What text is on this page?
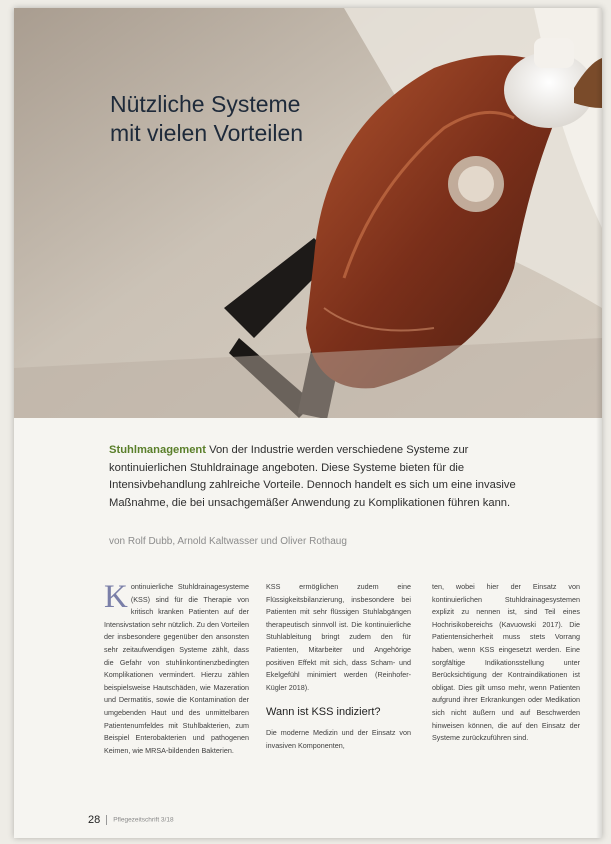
Nützliche Systeme
mit vielen Vorteilen
Stuhlmanagement Von der Industrie werden verschiedene Systeme zur kontinuierlichen Stuhldrainage angeboten. Diese Systeme bieten für die Intensivbehandlung zahlreiche Vorteile. Dennoch handelt es sich um eine invasive Maßnahme, die bei unsachgemäßer Anwendung zu Komplikationen führen kann.
von Rolf Dubb, Arnold Kaltwasser und Oliver Rothaug
Kontinuierliche Stuhldrainagesysteme (KSS) sind für die Therapie von kritisch kranken Patienten auf der Intensivstation sehr nützlich. Zu den Vorteilen der insbesondere gegenüber den ansonsten sehr zeitaufwendigen Systeme zählt, dass die Gefahr von stuhlinkontinenzbedingten Komplikationen vermindert. Hierzu zählen beispielsweise Hautschäden, wie Mazeration und Dermatitis, sowie die Kontamination der umgebenden Haut und des unmittelbaren Patientenumfeldes mit Stuhlbakterien, zum Beispiel Enterobakterien und pathogenen Keimen, wie MRSA-bildenden Bakterien.
KSS ermöglichen zudem eine Flüssigkeitsbilanzierung, insbesondere bei Patienten mit sehr flüssigen Stuhlabgängen therapeutisch sinnvoll ist. Die kontinuierliche Stuhlableitung bringt zudem den für Patienten, Mitarbeiter und Angehörige positiven Effekt mit sich, dass Scham- und Ekelgefühl minimiert werden (Reinhofer-Kügler 2018).
Wann ist KSS indiziert?
Die moderne Medizin und der Einsatz von invasiven Komponenten,
ten, wobei hier der Einsatz von kontinuierlichen Stuhldrainagesystemen explizit zu nennen ist, sind Teil eines Hochrisikobereichs (Kavuowski 2017). Die Patientensicherheit muss stets Vorrang haben, wenn KSS eingesetzt werden. Eine sorgfältige Indikationsstellung unter Berücksichtigung der Kontraindikationen ist obligat. Dies gilt umso mehr, wenn Patienten aufgrund ihrer Erkrankungen oder Medikation sich nicht äußern und auf Beschwerden hinweisen können, die auf den Einsatz der Systeme zurückzuführen sind.
28 Pflegezeitschrift 3/18
